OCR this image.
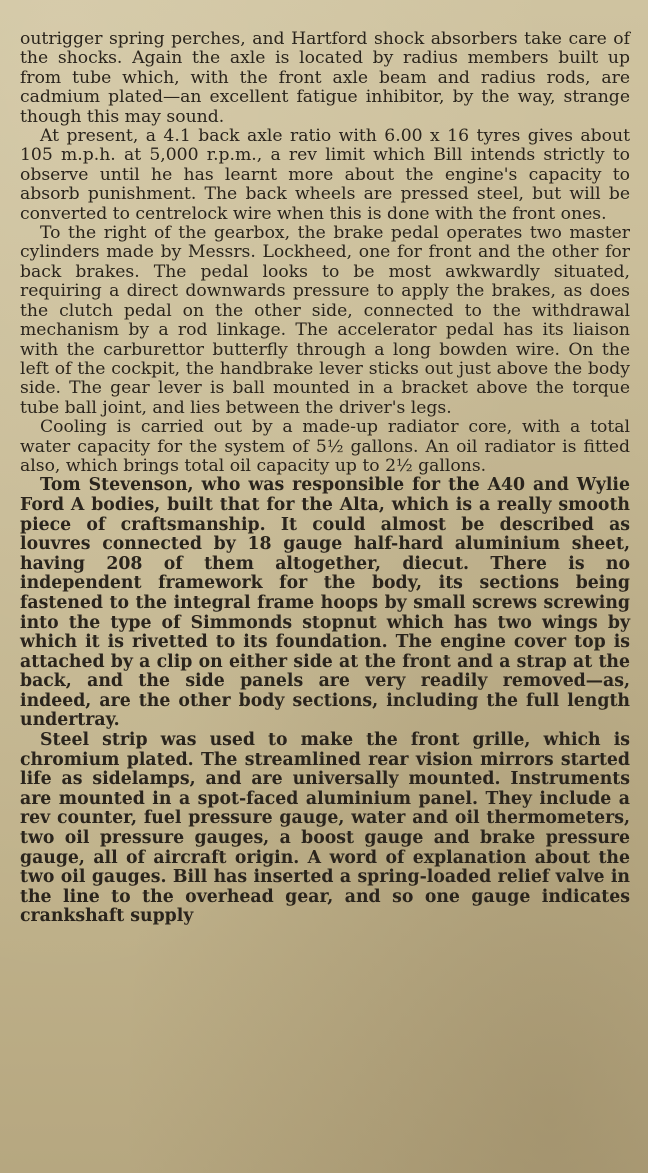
outrigger spring perches, and Hartford shock absorbers take care of the shocks. Again the axle is located by radius members built up from tube which, with the front axle beam and radius rods, are cadmium plated—an excellent fatigue inhibitor, by the way, strange though this may sound.

At present, a 4.1 back axle ratio with 6.00 x 16 tyres gives about 105 m.p.h. at 5,000 r.p.m., a rev limit which Bill intends strictly to observe until he has learnt more about the engine's capacity to absorb punishment. The back wheels are pressed steel, but will be converted to centrelock wire when this is done with the front ones.

To the right of the gearbox, the brake pedal operates two master cylinders made by Messrs. Lockheed, one for front and the other for back brakes. The pedal looks to be most awkwardly situated, requiring a direct downwards pressure to apply the brakes, as does the clutch pedal on the other side, connected to the withdrawal mechanism by a rod linkage. The accelerator pedal has its liaison with the carburettor butterfly through a long bowden wire. On the left of the cockpit, the handbrake lever sticks out just above the body side. The gear lever is ball mounted in a bracket above the torque tube ball joint, and lies between the driver's legs.

Cooling is carried out by a made-up radiator core, with a total water capacity for the system of 5½ gallons. An oil radiator is fitted also, which brings total oil capacity up to 2½ gallons.

Tom Stevenson, who was responsible for the A40 and Wylie Ford A bodies, built that for the Alta, which is a really smooth piece of craftsmanship. It could almost be described as louvres connected by 18 gauge half-hard aluminium sheet, having 208 of them altogether, diecut. There is no independent framework for the body, its sections being fastened to the integral frame hoops by small screws screwing into the type of Simmonds stopnut which has two wings by which it is rivetted to its foundation. The engine cover top is attached by a clip on either side at the front and a strap at the back, and the side panels are very readily removed—as, indeed, are the other body sections, including the full length undertray.

Steel strip was used to make the front grille, which is chromium plated. The streamlined rear vision mirrors started life as sidelamps, and are universally mounted. Instruments are mounted in a spot-faced aluminium panel. They include a rev counter, fuel pressure gauge, water and oil thermometers, two oil pressure gauges, a boost gauge and brake pressure gauge, all of aircraft origin. A word of explanation about the two oil gauges. Bill has inserted a spring-loaded relief valve in the line to the overhead gear, and so one gauge indicates crankshaft supply
